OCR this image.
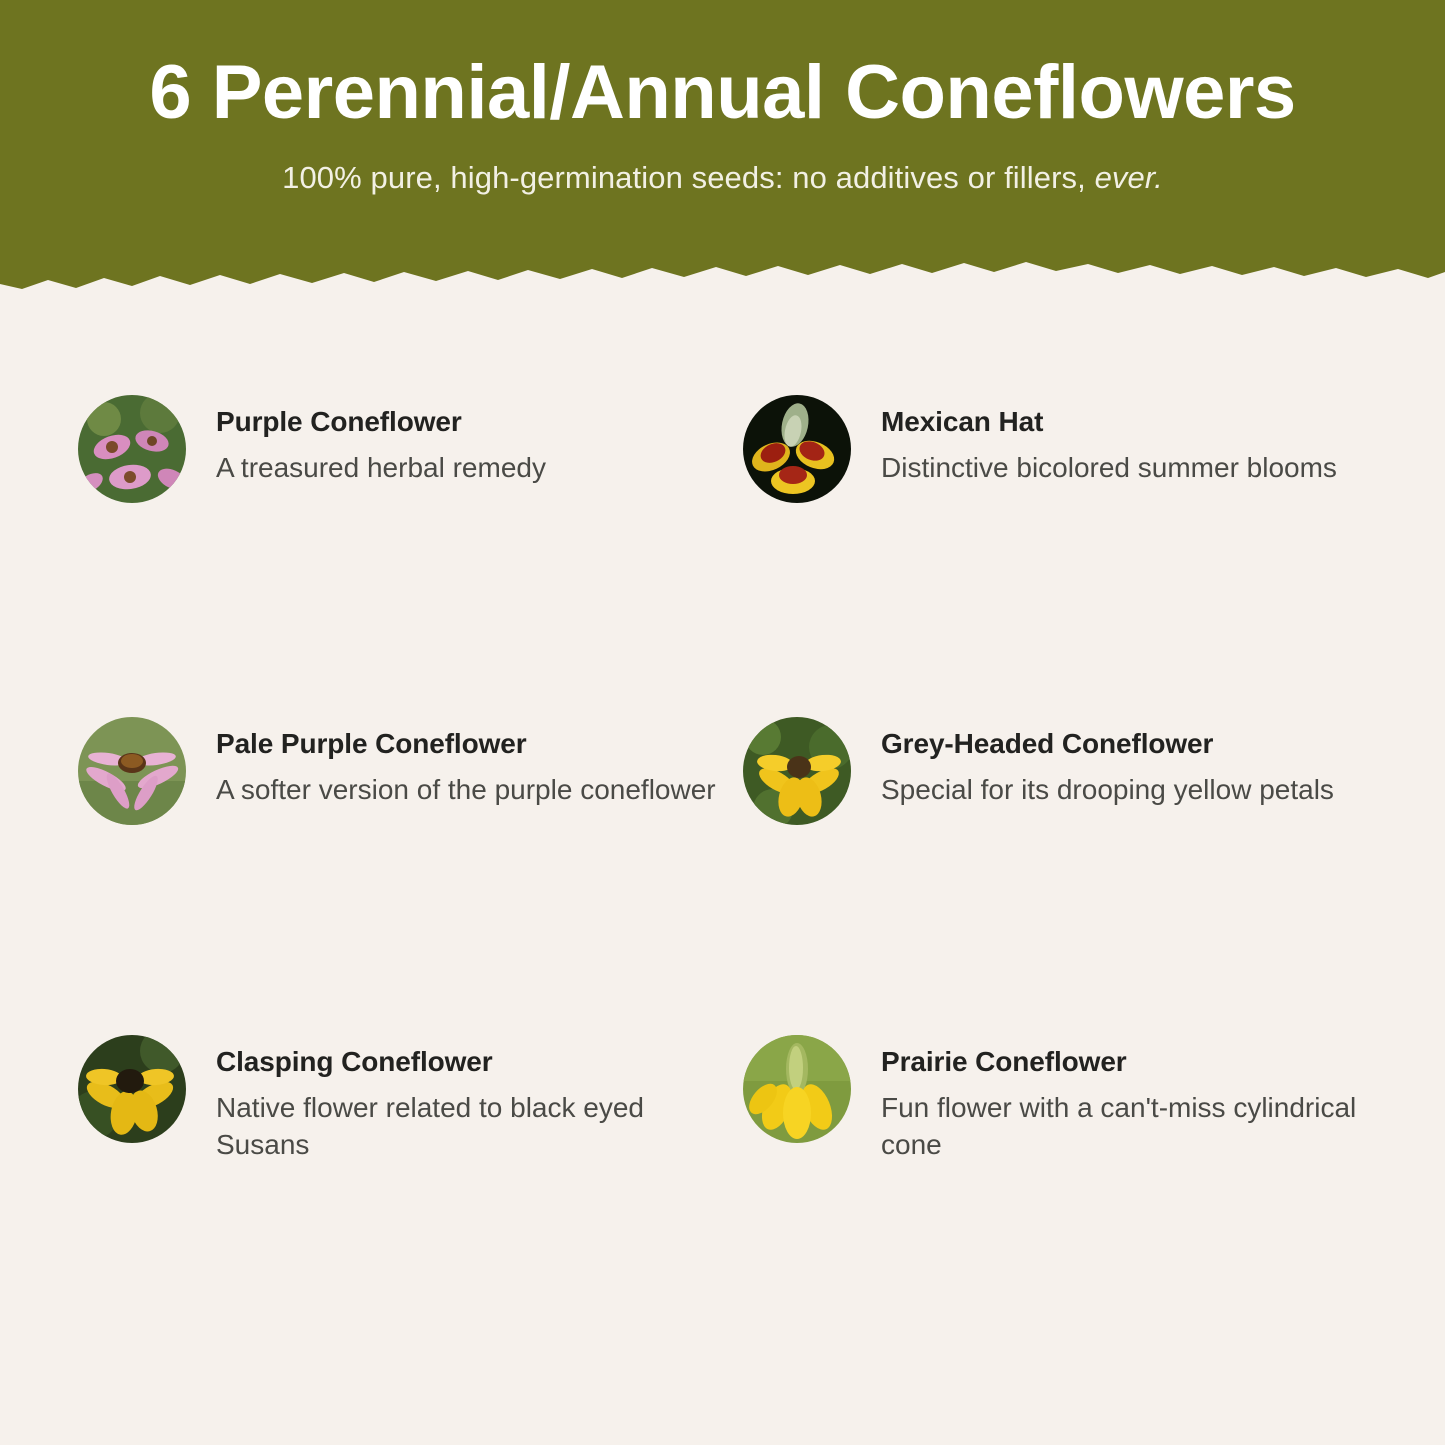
6 Perennial/Annual Coneflowers
100% pure, high-germination seeds: no additives or fillers, ever.
Purple Coneflower
A treasured herbal remedy
Mexican Hat
Distinctive bicolored summer blooms
Pale Purple Coneflower
A softer version of the purple coneflower
Grey-Headed Coneflower
Special for its drooping yellow petals
Clasping Coneflower
Native flower related to black eyed Susans
Prairie Coneflower
Fun flower with a can't-miss cylindrical cone
